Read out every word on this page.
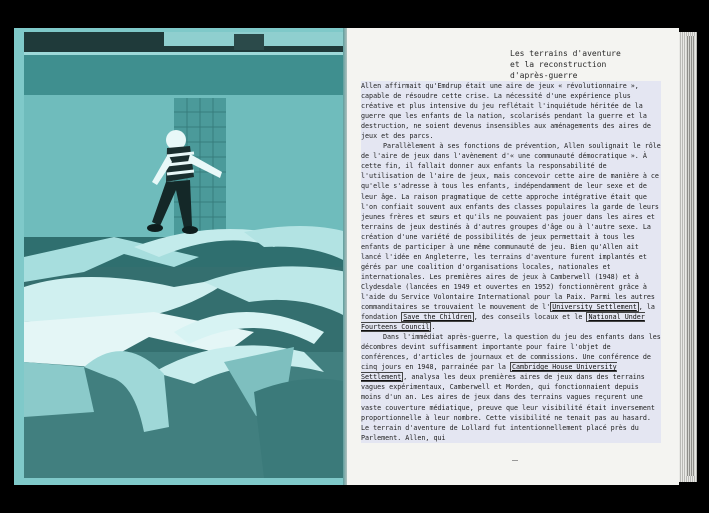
Les terrains d'aventure
et la reconstruction
d'après-guerre

Allen affirmait qu'Emdrup était une aire de jeux « révolutionnaire », capable de résoudre cette crise. La nécessité d'une expérience plus créative et plus intensive du jeu reflétait l'inquiétude héritée de la guerre que les enfants de la nation, scolarisés pendant la guerre et la destruction, ne soient devenus insensibles aux aménagements des aires de jeux et des parcs.

Parallèlement à ses fonctions de prévention, Allen soulignait le rôle de l'aire de jeux dans l'avènement d'« une communauté démocratique ». À cette fin, il fallait donner aux enfants la responsabilité de l'utilisation de l'aire de jeux, mais concevoir cette aire de manière à ce qu'elle s'adresse à tous les enfants, indépendamment de leur sexe et de leur âge. La raison pragmatique de cette approche intégrative était que l'on confiait souvent aux enfants des classes populaires la garde de leurs jeunes frères et sœurs et qu'ils ne pouvaient pas jouer dans les aires et terrains de jeux destinés à d'autres groupes d'âge ou à l'autre sexe. La création d'une variété de possibilités de jeux permettait à tous les enfants de participer à une même communauté de jeu. Bien qu'Allen ait lancé l'idée en Angleterre, les terrains d'aventure furent implantés et gérés par une coalition d'organisations locales, nationales et internationales. Les premières aires de jeux à Camberwell (1948) et à Clydesdale (lancées en 1949 et ouvertes en 1952) fonctionnèrent grâce à l'aide du Service Volontaire International pour la Paix. Parmi les autres commanditaires se trouvaient le mouvement de l' University Settlement , la fondation Save the Children , des conseils locaux et le National Under Fourteens Council .

Dans l'immédiat après-guerre, la question du jeu des enfants dans les décombres devint suffisamment importante pour faire l'objet de conférences, d'articles de journaux et de commissions. Une conférence de cinq jours en 1948, parrainée par la Cambridge House University Settlement , analysa les deux premières aires de jeux dans des terrains vagues expérimentaux, Camberwell et Morden, qui fonctionnaient depuis moins d'un an. Les aires de jeux dans des terrains vagues reçurent une vaste couverture médiatique, preuve que leur visibilité était inversement proportionnelle à leur nombre. Cette visibilité ne tenait pas au hasard. Le terrain d'aventure de Lollard fut intentionnellement placé près du Parlement. Allen, qui
